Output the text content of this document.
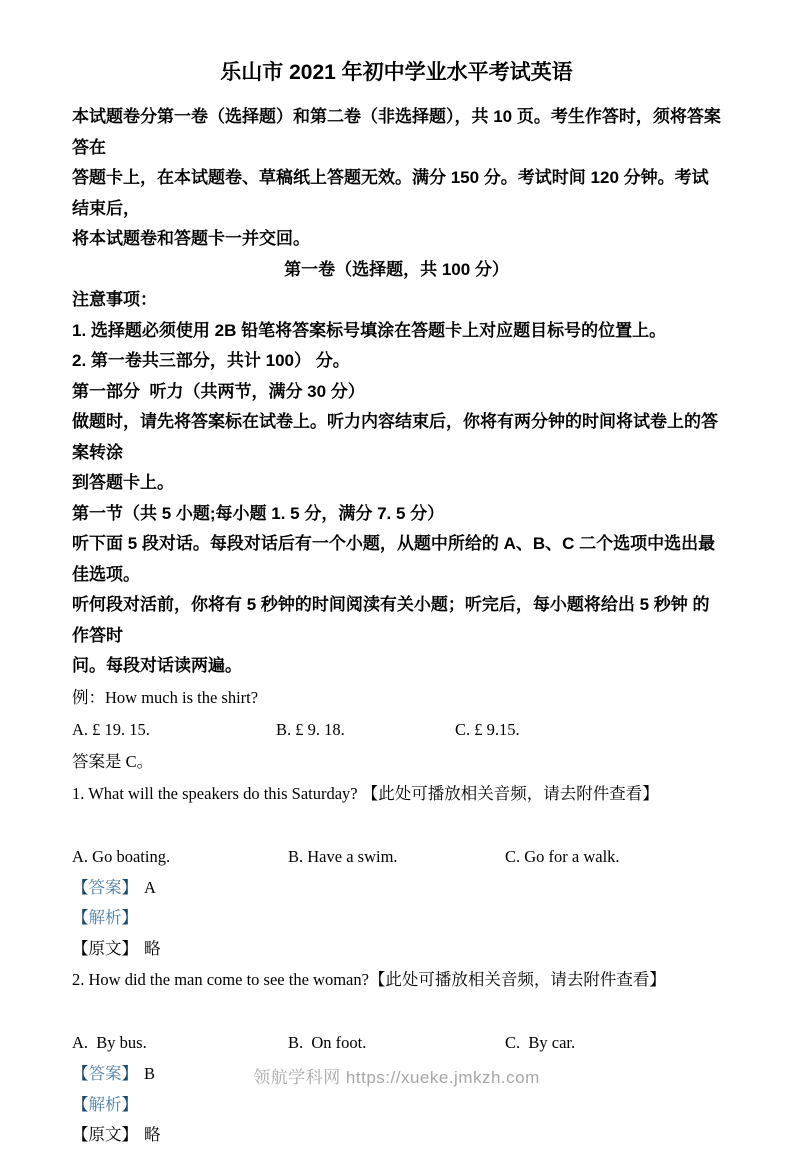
乐山市 2021 年初中学业水平考试英语

本试题卷分第一卷（选择题）和第二卷（非选择题），共 10 页。考生作答时，须将答案答在

答题卡上，在本试题卷、草稿纸上答题无效。满分 150 分。考试时间 120 分钟。考试结束后，

将本试题卷和答题卡一并交回。

第一卷（选择题，共 100 分）

注意事项：

1. 选择题必须使用 2B 铅笔将答案标号填涂在答题卡上对应题目标号的位置上。

2. 第一卷共三部分，共计 100） 分。

第一部分  听力（共两节，满分 30 分）

做题时，请先将答案标在试卷上。听力内容结束后，你将有两分钟的时间将试卷上的答案转涂

到答题卡上。

第一节（共 5 小题;每小题 1. 5 分，满分 7. 5 分）

听下面 5 段对话。每段对话后有一个小题，从题中所给的 A、B、C 二个选项中选出最 佳选项。

听何段对活前，你将有 5 秒钟的时间阅渎有关小题；听完后，每小题将给出 5 秒钟 的作答时

问。每段对话读两遍。

例：How much is the shirt?

A. £ 19. 15.	B. £ 9. 18.	C. £ 9.15.

答案是 C。

1. What will the speakers do this Saturday? 【此处可播放相关音频，请去附件查看】

A. Go boating.	B. Have a swim.	C. Go for a walk.

【答案】 A

【解析】

【原文】 略

2. How did the man come to see the woman?【此处可播放相关音频，请去附件查看】

A.  By bus.	B.  On foot.	C.  By car.

【答案】 B

【解析】

【原文】 略

领航学科网 https://xueke.jmkzh.com
